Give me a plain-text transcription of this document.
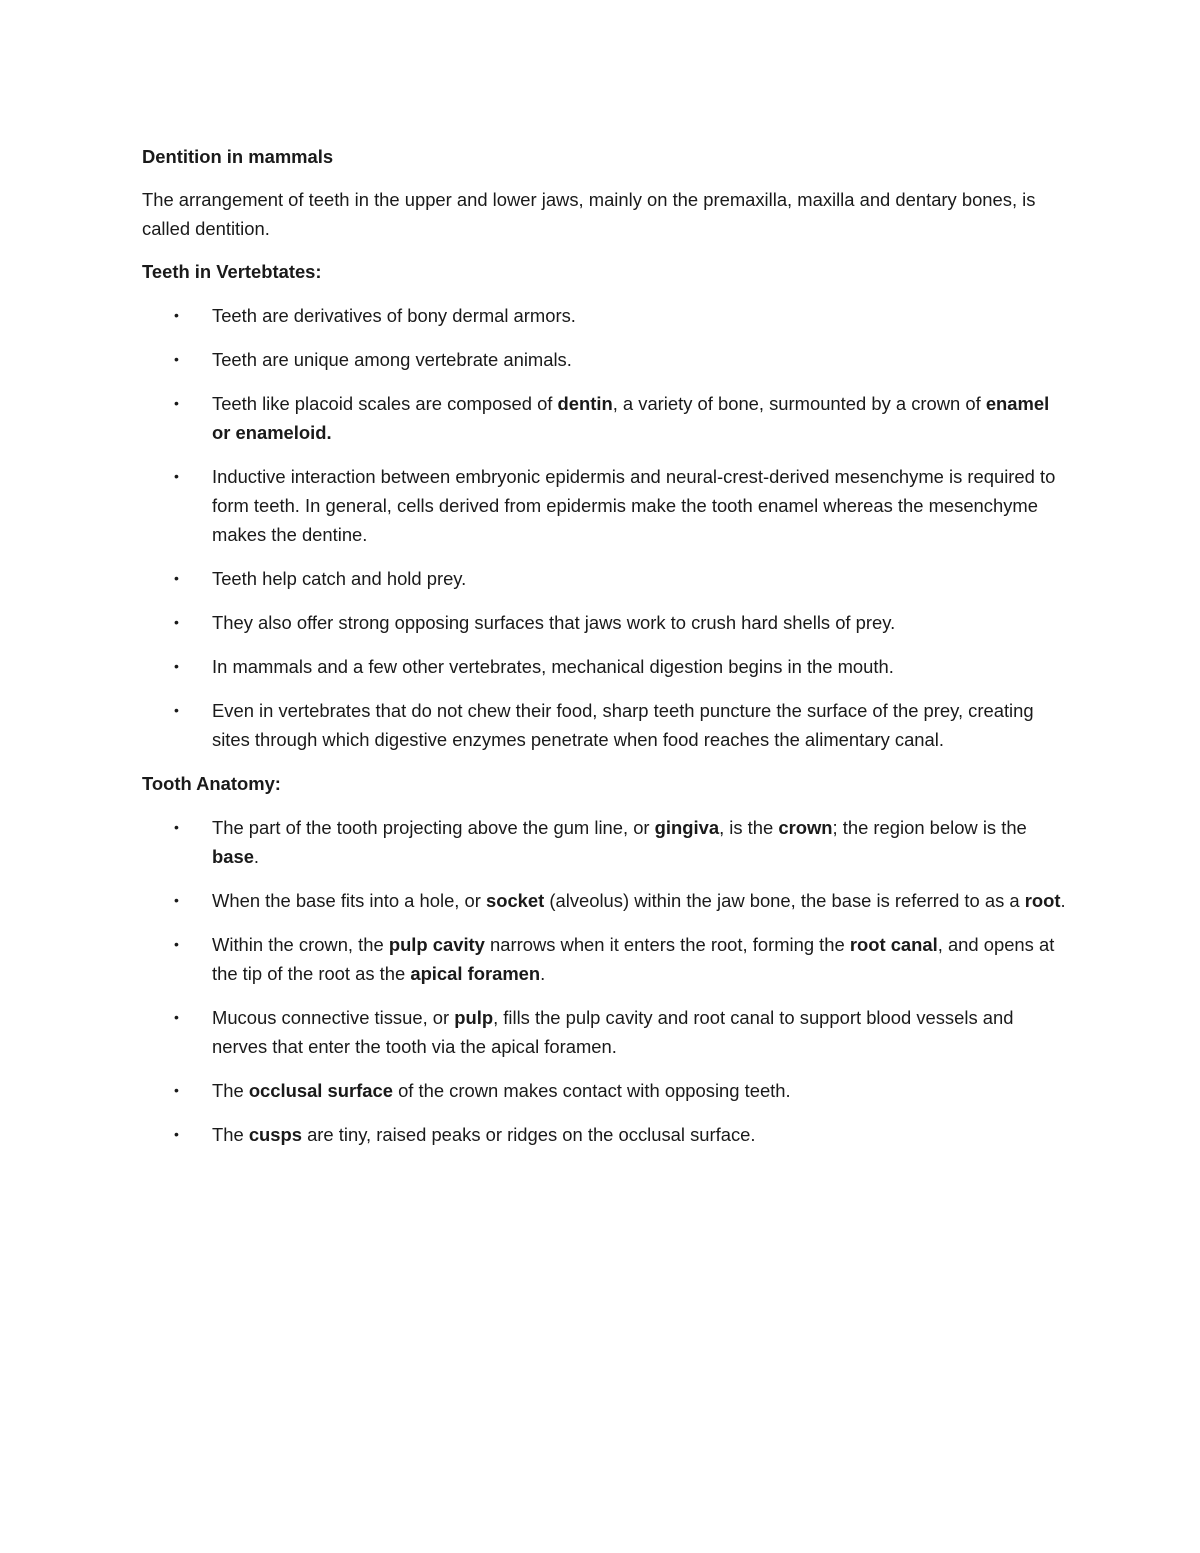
Dentition in mammals
The arrangement of teeth in the upper and lower jaws, mainly on the premaxilla, maxilla and dentary bones, is called dentition.
Teeth in Vertebtates:
• Teeth are derivatives of bony dermal armors.
• Teeth are unique among vertebrate animals.
• Teeth like placoid scales are composed of dentin, a variety of bone, surmounted by a crown of enamel or enameloid.
• Inductive interaction between embryonic epidermis and neural-crest-derived mesenchyme is required to form teeth. In general, cells derived from epidermis make the tooth enamel whereas the mesenchyme makes the dentine.
• Teeth help catch and hold prey.
• They also offer strong opposing surfaces that jaws work to crush hard shells of prey.
• In mammals and a few other vertebrates, mechanical digestion begins in the mouth.
• Even in vertebrates that do not chew their food, sharp teeth puncture the surface of the prey, creating sites through which digestive enzymes penetrate when food reaches the alimentary canal.
Tooth Anatomy:
• The part of the tooth projecting above the gum line, or gingiva, is the crown; the region below is the base.
• When the base fits into a hole, or socket (alveolus) within the jaw bone, the base is referred to as a root.
• Within the crown, the pulp cavity narrows when it enters the root, forming the root canal, and opens at the tip of the root as the apical foramen.
• Mucous connective tissue, or pulp, fills the pulp cavity and root canal to support blood vessels and nerves that enter the tooth via the apical foramen.
• The occlusal surface of the crown makes contact with opposing teeth.
• The cusps are tiny, raised peaks or ridges on the occlusal surface.
